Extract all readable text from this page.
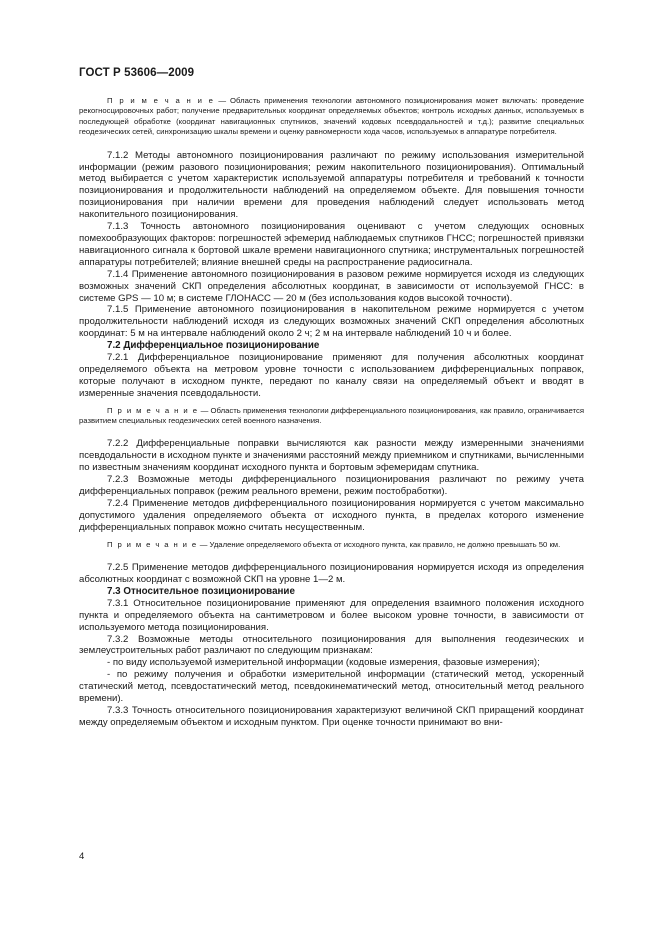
ГОСТ Р 53606—2009

П р и м е ч а н и е — Область применения технологии автономного позиционирования может включать: проведение рекогносцировочных работ; получение предварительных координат определяемых объектов; контроль исходных данных, используемых в последующей обработке (координат навигационных спутников, значений кодовых псевдодальностей и т.д.); развитие специальных геодезических сетей, синхронизацию шкалы времени и оценку равномерности хода часов, используемых в аппаратуре потребителя.

7.1.2 Методы автономного позиционирования различают по режиму использования измерительной информации (режим разового позиционирования; режим накопительного позиционирования). Оптимальный метод выбирается с учетом характеристик используемой аппаратуры потребителя и требований к точности позиционирования и продолжительности наблюдений на определяемом объекте. Для повышения точности позиционирования при наличии времени для проведения наблюдений следует использовать метод накопительного позиционирования.

7.1.3 Точность автономного позиционирования оценивают с учетом следующих основных помехообразующих факторов: погрешностей эфемерид наблюдаемых спутников ГНСС; погрешностей привязки навигационного сигнала к бортовой шкале времени навигационного спутника; инструментальных погрешностей аппаратуры потребителей; влияние внешней среды на распространение радиосигнала.

7.1.4 Применение автономного позиционирования в разовом режиме нормируется исходя из следующих возможных значений СКП определения абсолютных координат, в зависимости от используемой ГНСС: в системе GPS — 10 м; в системе ГЛОНАСС — 20 м (без использования кодов высокой точности).

7.1.5 Применение автономного позиционирования в накопительном режиме нормируется с учетом продолжительности наблюдений исходя из следующих возможных значений СКП определения абсолютных координат: 5 м на интервале наблюдений около 2 ч; 2 м на интервале наблюдений 10 ч и более.

7.2 Дифференциальное позиционирование

7.2.1 Дифференциальное позиционирование применяют для получения абсолютных координат определяемого объекта на метровом уровне точности с использованием дифференциальных поправок, которые получают в исходном пункте, передают по каналу связи на определяемый объект и вводят в измеренные значения псевдодальности.

П р и м е ч а н и е — Область применения технологии дифференциального позиционирования, как правило, ограничивается развитием специальных геодезических сетей военного назначения.

7.2.2 Дифференциальные поправки вычисляются как разности между измеренными значениями псевдодальности в исходном пункте и значениями расстояний между приемником и спутниками, вычисленными по известным значениям координат исходного пункта и бортовым эфемеридам спутника.

7.2.3 Возможные методы дифференциального позиционирования различают по режиму учета дифференциальных поправок (режим реального времени, режим постобработки).

7.2.4 Применение методов дифференциального позиционирования нормируется с учетом максимально допустимого удаления определяемого объекта от исходного пункта, в пределах которого изменение дифференциальных поправок можно считать несущественным.

П р и м е ч а н и е — Удаление определяемого объекта от исходного пункта, как правило, не должно превышать 50 км.

7.2.5 Применение методов дифференциального позиционирования нормируется исходя из определения абсолютных координат с возможной СКП на уровне 1—2 м.

7.3 Относительное позиционирование

7.3.1 Относительное позиционирование применяют для определения взаимного положения исходного пункта и определяемого объекта на сантиметровом и более высоком уровне точности, в зависимости от используемого метода позиционирования.

7.3.2 Возможные методы относительного позиционирования для выполнения геодезических и землеустроительных работ различают по следующим признакам:

- по виду используемой измерительной информации (кодовые измерения, фазовые измерения);

- по режиму получения и обработки измерительной информации (статический метод, ускоренный статический метод, псевдостатический метод, псевдокинематический метод, относительный метод реального времени).

7.3.3 Точность относительного позиционирования характеризуют величиной СКП приращений координат между определяемым объектом и исходным пунктом. При оценке точности принимают во вни-

4
